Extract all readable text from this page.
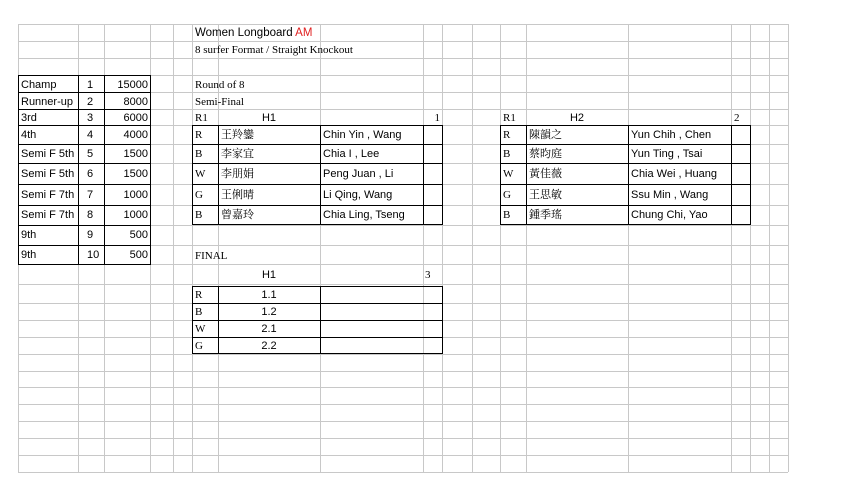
Women Longboard AM
8 surfer Format / Straight Knockout
Champ	1	15000
Runner-up 2	8000
3rd	3	6000
4th	4	4000
Semi F 5th 5	1500
Semi F 5th 6	1500
Semi F 7th 7	1000
Semi F 7th 8	1000
9th	9	500
9th	10	500
Round of 8
Semi-Final
R1	H1	1
R 王羚鑾	Chin Yin , Wang
B 李家宜	Chia I , Lee
W 李朋娟	Peng Juan , Li
G 王俐晴	Li Qing, Wang
B 曾嘉玲	Chia Ling, Tseng
R1	H2	2
R 陳韻之	Yun Chih , Chen
B 蔡昀庭	Yun Ting , Tsai
W 黃佳薇	Chia Wei , Huang
G 王思敏	Ssu Min , Wang
B 鍾季瑤	Chung Chi, Yao
FINAL
H1	3
R	1.1
B	1.2
W	2.1
G	2.2
